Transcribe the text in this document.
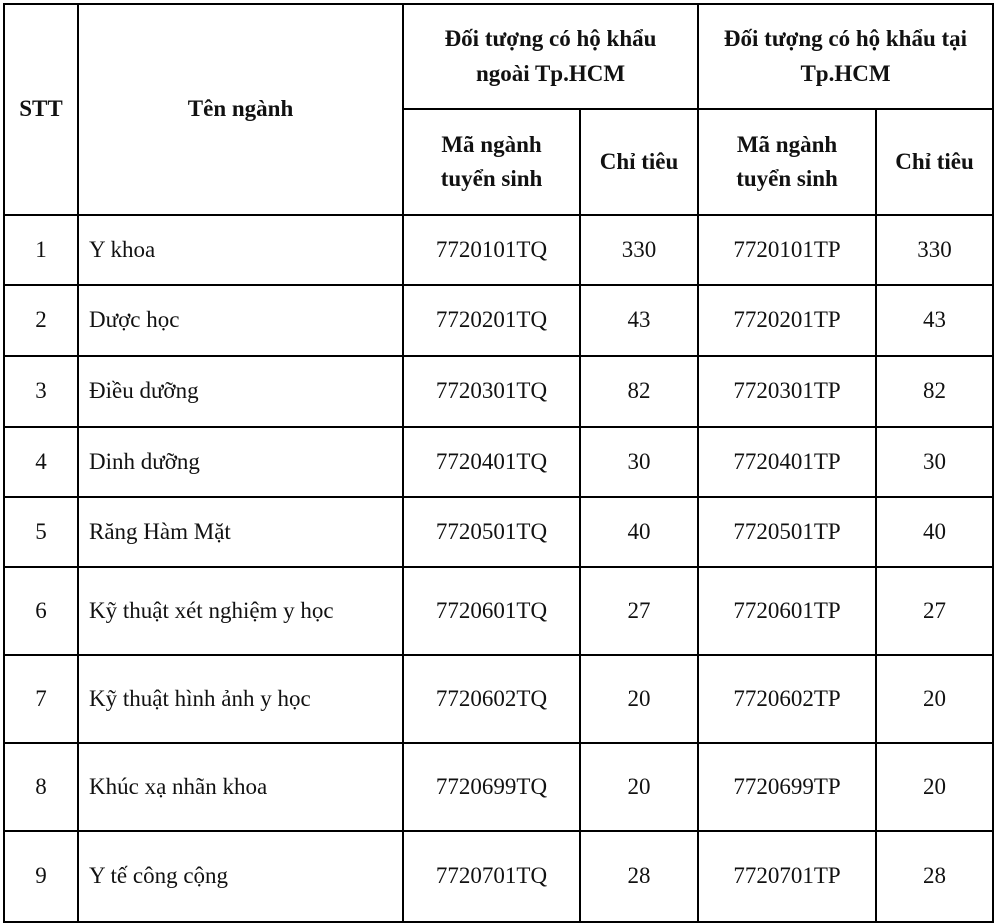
STT	Tên ngành	Đối tượng có hộ khẩu ngoài Tp.HCM		Đối tượng có hộ khẩu tại Tp.HCM	
		Mã ngành tuyển sinh	Chỉ tiêu	Mã ngành tuyển sinh	Chỉ tiêu
1	Y khoa	7720101TQ	330	7720101TP	330
2	Dược học	7720201TQ	43	7720201TP	43
3	Điều dưỡng	7720301TQ	82	7720301TP	82
4	Dinh dưỡng	7720401TQ	30	7720401TP	30
5	Răng Hàm Mặt	7720501TQ	40	7720501TP	40
6	Kỹ thuật xét nghiệm y học	7720601TQ	27	7720601TP	27
7	Kỹ thuật hình ảnh y học	7720602TQ	20	7720602TP	20
8	Khúc xạ nhãn khoa	7720699TQ	20	7720699TP	20
9	Y tế công cộng	7720701TQ	28	7720701TP	28
